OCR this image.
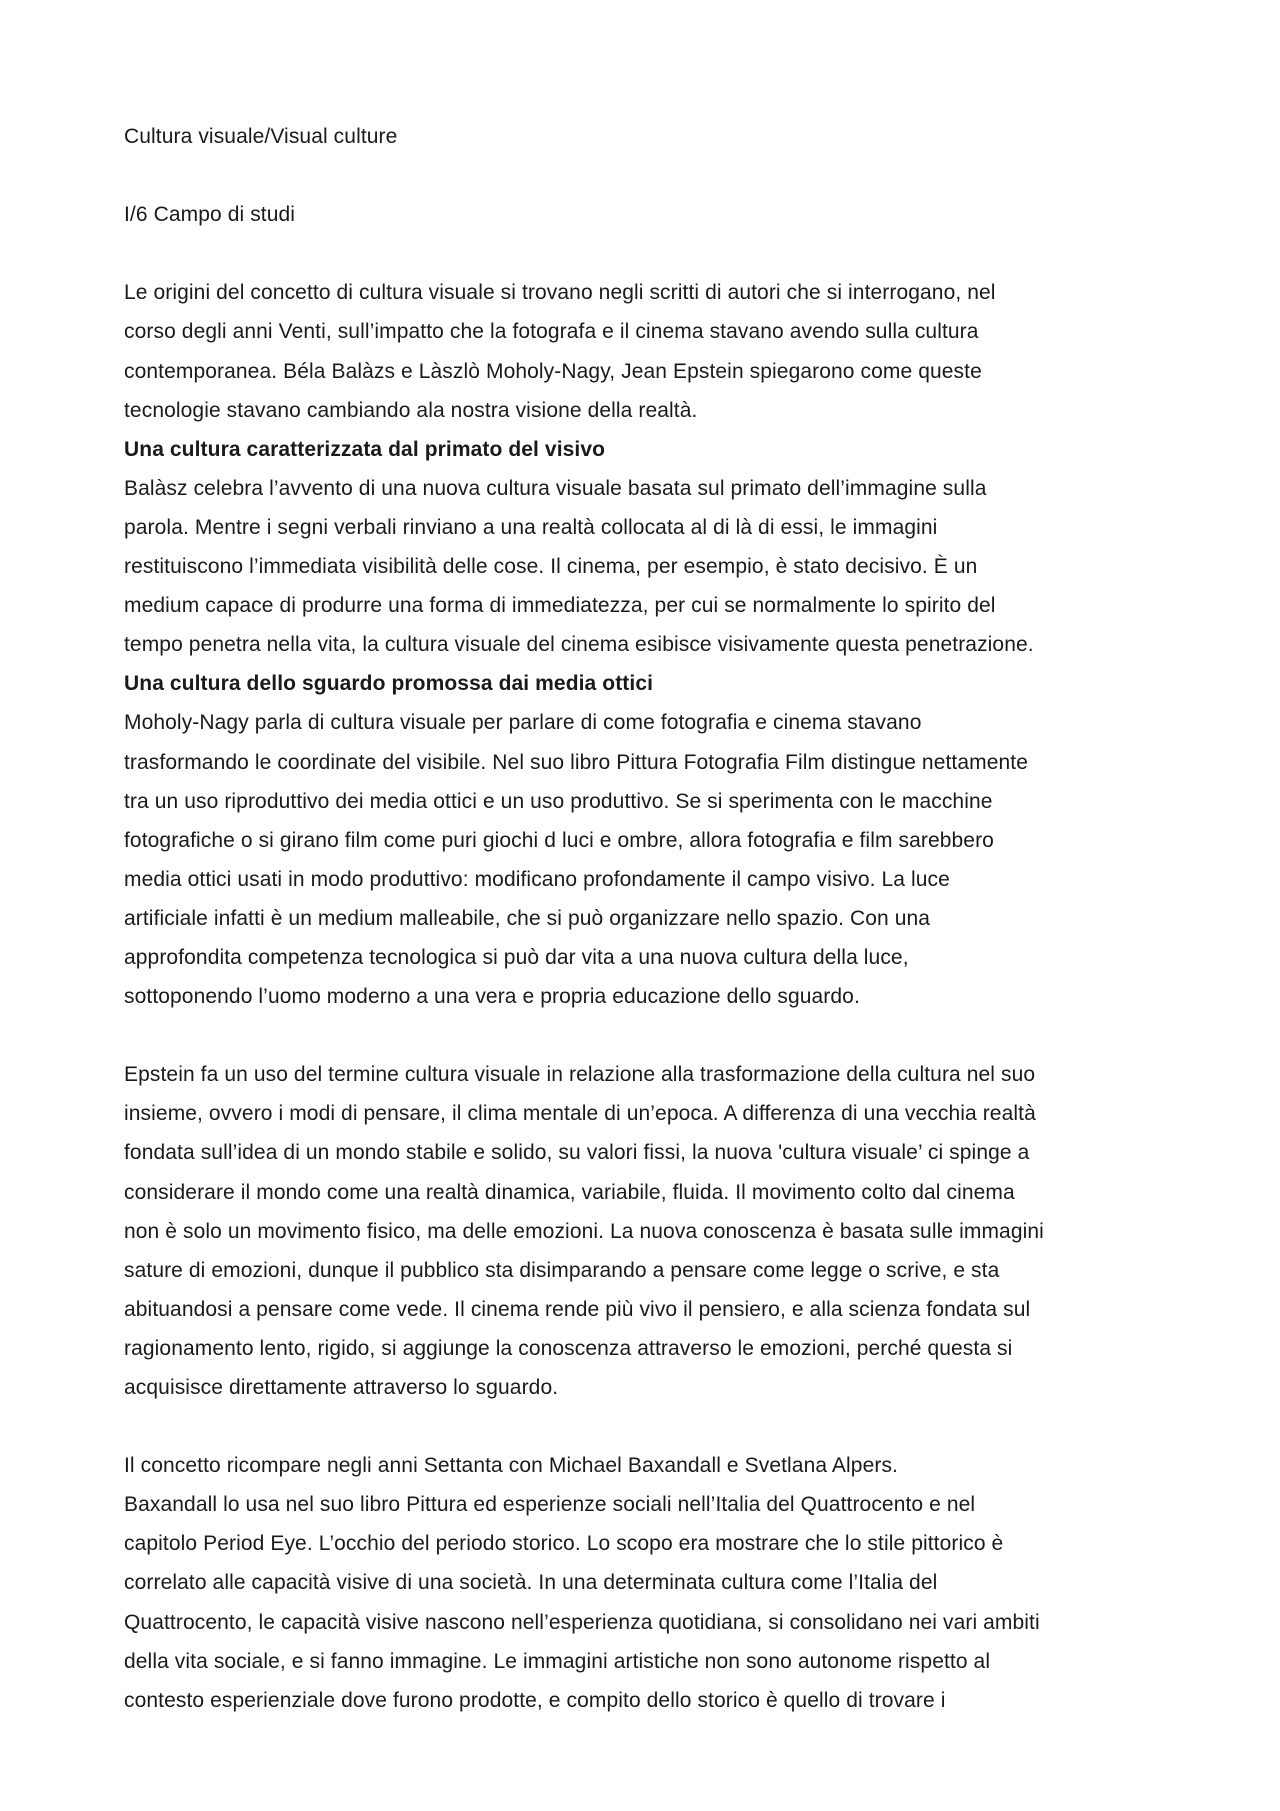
Cultura visuale/Visual culture

I/6 Campo di studi

Le origini del concetto di cultura visuale si trovano negli scritti di autori che si interrogano, nel

corso degli anni Venti, sull’impatto che la fotografa e il cinema stavano avendo sulla cultura

contemporanea. Béla Balàzs e Làszlò Moholy-Nagy, Jean Epstein spiegarono come queste

tecnologie stavano cambiando ala nostra visione della realtà.

Una cultura caratterizzata dal primato del visivo

Balàsz celebra l’avvento di una nuova cultura visuale basata sul primato dell’immagine sulla

parola. Mentre i segni verbali rinviano a una realtà collocata al di là di essi, le immagini

restituiscono l’immediata visibilità delle cose. Il cinema, per esempio, è stato decisivo. È un

medium capace di produrre una forma di immediatezza, per cui se normalmente lo spirito del

tempo penetra nella vita, la cultura visuale del cinema esibisce visivamente questa penetrazione.

Una cultura dello sguardo promossa dai media ottici

Moholy-Nagy parla di cultura visuale per parlare di come fotografia e cinema stavano

trasformando le coordinate del visibile. Nel suo libro Pittura Fotografia Film distingue nettamente

tra un uso riproduttivo dei media ottici e un uso produttivo. Se si sperimenta con le macchine

fotografiche o si girano film come puri giochi d luci e ombre, allora fotografia e film sarebbero

media ottici usati in modo produttivo: modificano profondamente il campo visivo. La luce

artificiale infatti è un medium malleabile, che si può organizzare nello spazio. Con una

approfondita competenza tecnologica si può dar vita a una nuova cultura della luce,

sottoponendo l’uomo moderno a una vera e propria educazione dello sguardo.

Epstein fa un uso del termine cultura visuale in relazione alla trasformazione della cultura nel suo

insieme, ovvero i modi di pensare, il clima mentale di un’epoca. A differenza di una vecchia realtà

fondata sull’idea di un mondo stabile e solido, su valori fissi, la nuova 'cultura visuale’ ci spinge a

considerare il mondo come una realtà dinamica, variabile, fluida. Il movimento colto dal cinema

non è solo un movimento fisico, ma delle emozioni. La nuova conoscenza è basata sulle immagini

sature di emozioni, dunque il pubblico sta disimparando a pensare come legge o scrive, e sta

abituandosi a pensare come vede. Il cinema rende più vivo il pensiero, e alla scienza fondata sul

ragionamento lento, rigido, si aggiunge la conoscenza attraverso le emozioni, perché questa si

acquisisce direttamente attraverso lo sguardo.

Il concetto ricompare negli anni Settanta con Michael Baxandall e Svetlana Alpers.

Baxandall lo usa nel suo libro Pittura ed esperienze sociali nell’Italia del Quattrocento e nel

capitolo Period Eye. L’occhio del periodo storico. Lo scopo era mostrare che lo stile pittorico è

correlato alle capacità visive di una società. In una determinata cultura come l’Italia del

Quattrocento, le capacità visive nascono nell’esperienza quotidiana, si consolidano nei vari ambiti

della vita sociale, e si fanno immagine. Le immagini artistiche non sono autonome rispetto al

contesto esperienziale dove furono prodotte, e compito dello storico è quello di trovare i
